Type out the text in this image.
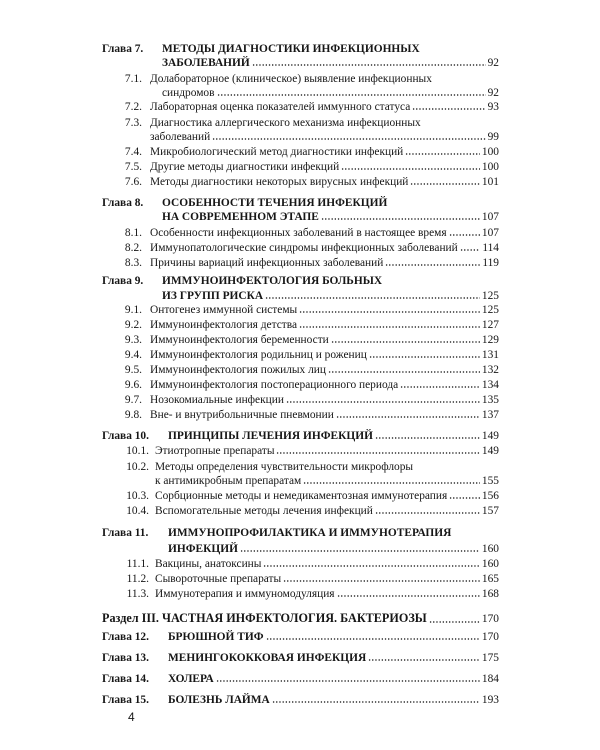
Глава 7. МЕТОДЫ ДИАГНОСТИКИ ИНФЕКЦИОННЫХ
ЗАБОЛЕВАНИЙ	92
7.1. Долабораторное (клиническое) выявление инфекционных
синдромов	92
7.2. Лабораторная оценка показателей иммунного статуса	93
7.3. Диагностика аллергического механизма инфекционных
заболеваний	99
7.4. Микробиологический метод диагностики инфекций	100
7.5. Другие методы диагностики инфекций	100
7.6. Методы диагностики некоторых вирусных инфекций	101
Глава 8. ОСОБЕННОСТИ ТЕЧЕНИЯ ИНФЕКЦИЙ
НА СОВРЕМЕННОМ ЭТАПЕ	107
8.1. Особенности инфекционных заболеваний в настоящее время	107
8.2. Иммунопатологические синдромы инфекционных заболеваний 114
8.3. Причины вариаций инфекционных заболеваний	119
Глава 9. ИММУНОИНФЕКТОЛОГИЯ БОЛЬНЫХ
ИЗ ГРУПП РИСКА	125
9.1. Онтогенез иммунной системы	125
9.2. Иммуноинфектология детства	127
9.3. Иммуноинфектология беременности	129
9.4. Иммуноинфектология родильниц и рожениц	131
9.5. Иммуноинфектология пожилых лиц	132
9.6. Иммуноинфектология постоперационного периода	134
9.7. Нозокомиальные инфекции	135
9.8. Вне- и внутрибольничные пневмонии	137
Глава 10. ПРИНЦИПЫ ЛЕЧЕНИЯ ИНФЕКЦИЙ	149
10.1. Этиотропные препараты	149
10.2. Методы определения чувствительности микрофлоры
к антимикробным препаратам	155
10.3. Сорбционные методы и немедикаментозная иммунотерапия	156
10.4. Вспомогательные методы лечения инфекций	157
Глава 11. ИММУНОПРОФИЛАКТИКА И ИММУНОТЕРАПИЯ
ИНФЕКЦИЙ	160
11.1. Вакцины, анатоксины	160
11.2. Сывороточные препараты	165
11.3. Иммунотерапия и иммуномодуляция	168
Раздел III. ЧАСТНАЯ ИНФЕКТОЛОГИЯ. БАКТЕРИОЗЫ	170
Глава 12. БРЮШНОЙ ТИФ	170
Глава 13. МЕНИНГОКОККОВАЯ ИНФЕКЦИЯ	175
Глава 14. ХОЛЕРА	184
Глава 15. БОЛЕЗНЬ ЛАЙМА	193
4
